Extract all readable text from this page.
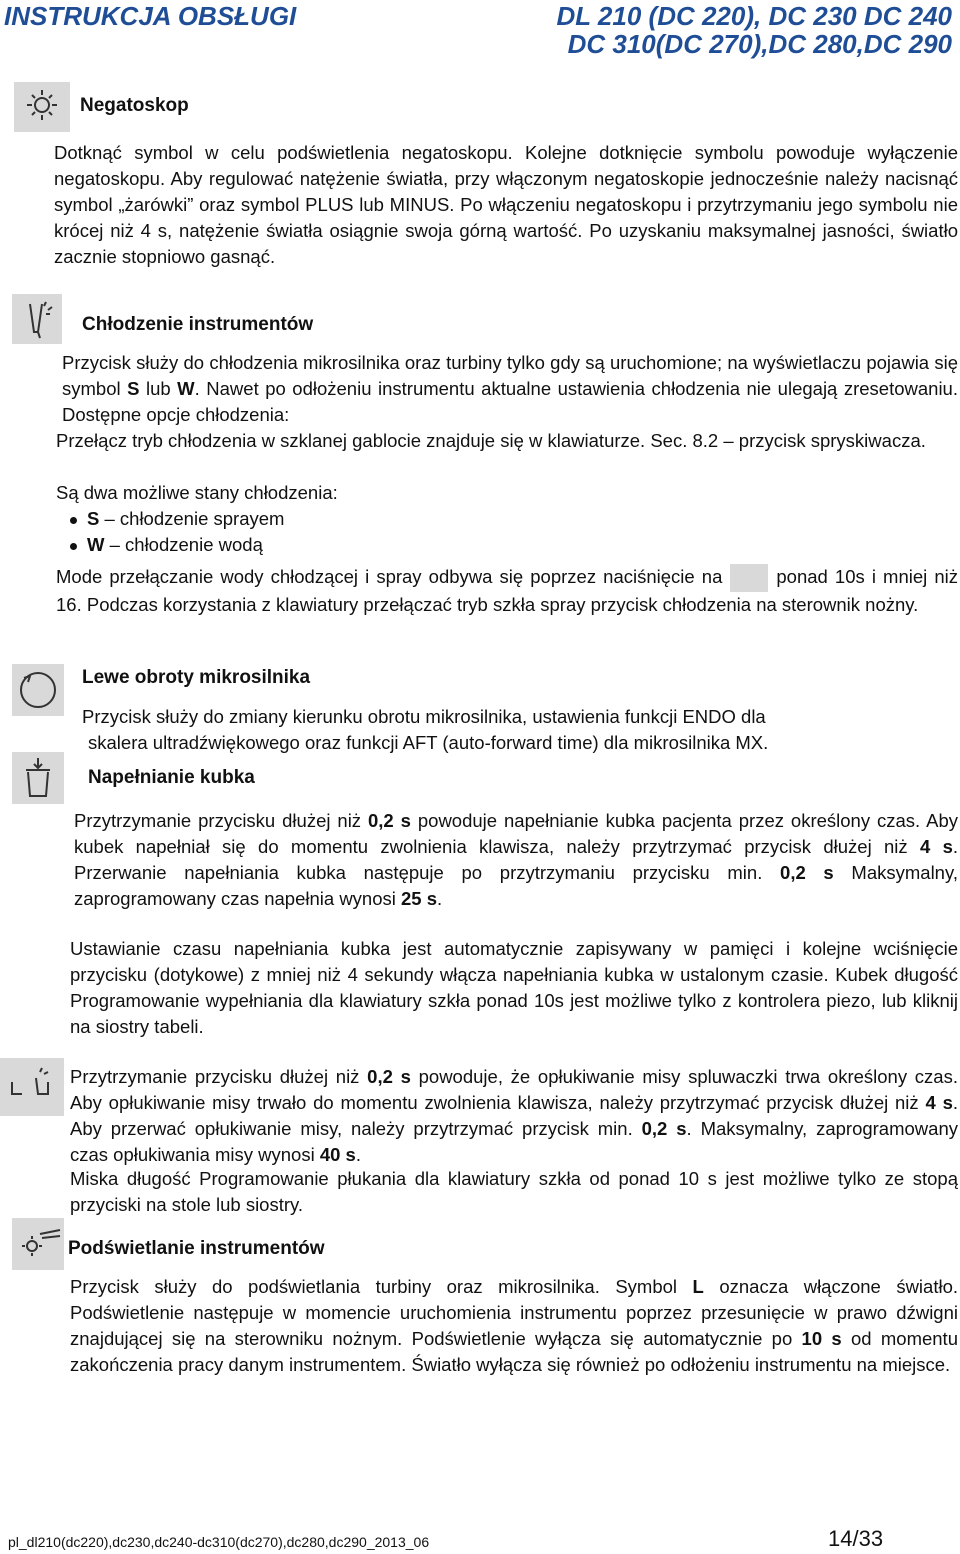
INSTRUKCJA OBSŁUGI	DL 210 (DC 220), DC 230 DC 240
DC 310(DC 270),DC 280,DC 290
Negatoskop
Dotknąć symbol w celu podświetlenia negatoskopu. Kolejne dotknięcie symbolu powoduje wyłączenie negatoskopu. Aby regulować natężenie światła, przy włączonym negatoskopie jednocześnie należy nacisnąć symbol „żarówki” oraz symbol PLUS lub MINUS. Po włączeniu negatoskopu i przytrzymaniu jego symbolu nie krócej niż 4 s, natężenie światła osiągnie swoja górną wartość. Po uzyskaniu maksymalnej jasności, światło zacznie stopniowo gasnąć.
Chłodzenie instrumentów
Przycisk służy do chłodzenia mikrosilnika oraz turbiny tylko gdy są uruchomione; na wyświetlaczu pojawia się symbol S lub W. Nawet po odłożeniu instrumentu aktualne ustawienia chłodzenia nie ulegają zresetowaniu. Dostępne opcje chłodzenia:
Przełącz tryb chłodzenia w szklanej gablocie znajduje się w klawiaturze. Sec. 8.2 – przycisk spryskiwacza.
Są dwa możliwe stany chłodzenia:
S – chłodzenie sprayem
W – chłodzenie wodą
Mode przełączanie wody chłodzącej i spray odbywa się poprzez naciśnięcie na	ponad 10s i mniej niż 16. Podczas korzystania z klawiatury przełączać tryb szkła spray przycisk chłodzenia na sterownik nożny.
Lewe obroty mikrosilnika
Przycisk służy do zmiany kierunku obrotu mikrosilnika, ustawienia funkcji ENDO dla
skalera ultradźwiękowego oraz funkcji AFT (auto-forward time) dla mikrosilnika MX.
Napełnianie kubka
Przytrzymanie przycisku dłużej niż 0,2 s powoduje napełnianie kubka pacjenta przez określony czas. Aby kubek napełniał się do momentu zwolnienia klawisza, należy przytrzymać przycisk dłużej niż 4 s. Przerwanie napełniania kubka następuje po przytrzymaniu przycisku min. 0,2 s Maksymalny, zaprogramowany czas napełnia wynosi 25 s.
Ustawianie czasu napełniania kubka jest automatycznie zapisywany w pamięci i kolejne wciśnięcie przycisku (dotykowe) z mniej niż 4 sekundy włącza napełniania kubka w ustalonym czasie. Kubek długość Programowanie wypełniania dla klawiatury szkła ponad 10s jest możliwe tylko z kontrolera piezo, lub kliknij na siostry tabeli.
Przytrzymanie przycisku dłużej niż 0,2 s powoduje, że opłukiwanie misy spluwaczki trwa określony czas. Aby opłukiwanie misy trwało do momentu zwolnienia klawisza, należy przytrzymać przycisk dłużej niż 4 s. Aby przerwać opłukiwanie misy, należy przytrzymać przycisk min. 0,2 s. Maksymalny, zaprogramowany czas opłukiwania misy wynosi 40 s.
Miska długość Programowanie płukania dla klawiatury szkła od ponad 10 s jest możliwe tylko ze stopą przyciski na stole lub siostry.
Podświetlanie instrumentów
Przycisk służy do podświetlania turbiny oraz mikrosilnika. Symbol L oznacza włączone światło. Podświetlenie następuje w momencie uruchomienia instrumentu poprzez przesunięcie w prawo dźwigni znajdującej się na sterowniku nożnym. Podświetlenie wyłącza się automatycznie po 10 s od momentu zakończenia pracy danym instrumentem. Światło wyłącza się również po odłożeniu instrumentu na miejsce.
pl_dl210(dc220),dc230,dc240-dc310(dc270),dc280,dc290_2013_06	14/33
